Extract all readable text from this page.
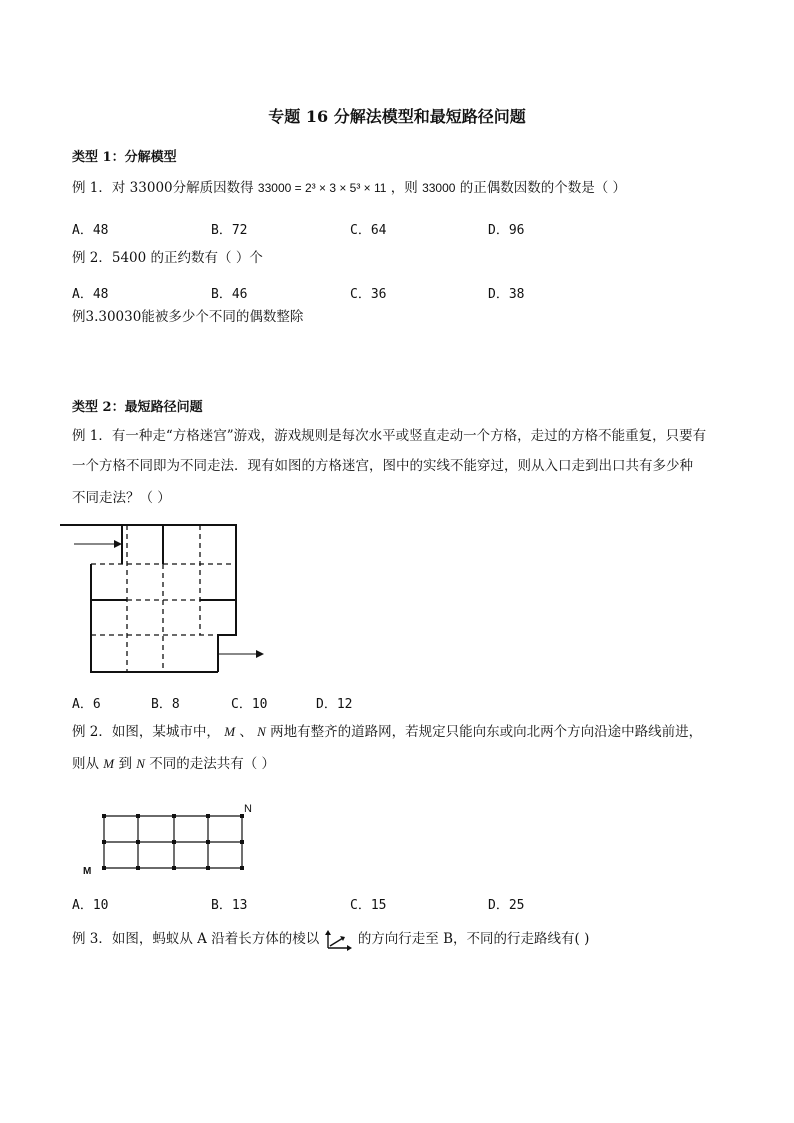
专题 16 分解法模型和最短路径问题
类型 1：分解模型
例 1．对 33000分解质因数得 33000 = 2³ × 3 × 5³ × 11 ，则 33000 的正偶数因数的个数是（ ）
A．48	B．72	C．64	D．96
例 2．5400 的正约数有（ ）个
A．48	B．46	C．36	D．38
例3.30030能被多少个不同的偶数整除
类型 2：最短路径问题
例 1．有一种走“方格迷宫”游戏，游戏规则是每次水平或竖直走动一个方格，走过的方格不能重复，只要有
一个方格不同即为不同走法．现有如图的方格迷宫，图中的实线不能穿过，则从入口走到出口共有多少种
不同走法？（ ）
A．6	B．8	C．10	D．12
例 2．如图，某城市中， M 、 N 两地有整齐的道路网，若规定只能向东或向北两个方向沿途中路线前进，
则从 M 到 N 不同的走法共有（ ）
N
M
A．10	B．13	C．15	D．25
例 3．如图，蚂蚁从 A 沿着长方体的棱以	的方向行走至 B，不同的行走路线有( )
